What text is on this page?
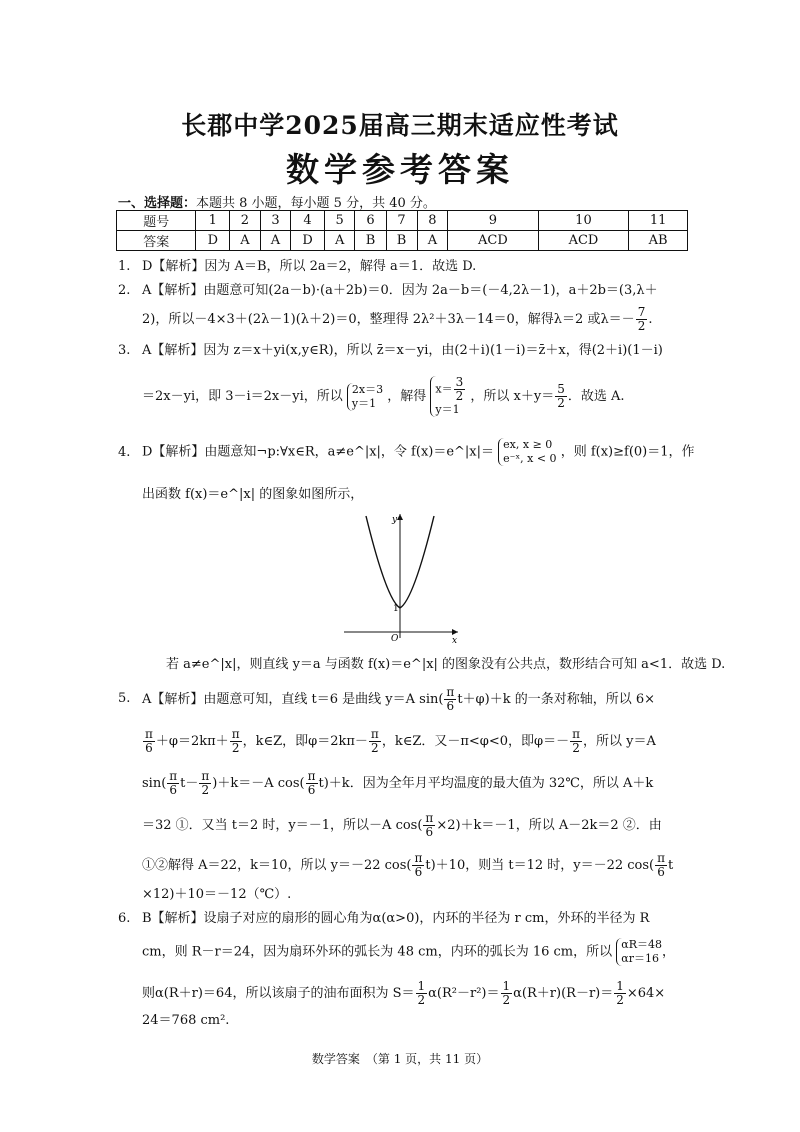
长郡中学2025届高三期末适应性考试
数学参考答案
一、选择题：本题共 8 小题，每小题 5 分，共 40 分。
题号	1	2	3	4	5	6	7	8	9	10	11
答案	D	A	A	D	A	B	B	A	ACD	ACD	AB
1. D【解析】因为 A＝B，所以 2a＝2，解得 a＝1．故选 D.
2. A【解析】由题意可知(2a－b)·(a＋2b)＝0．因为 2a－b＝(－4,2λ－1)，a＋2b＝(3,λ＋
2)，所以－4×3＋(2λ－1)(λ＋2)＝0，整理得 2λ²＋3λ－14＝0，解得λ＝2 或$\lambda=- \frac{7}{2}$ .
3. A【解析】因为 z＝x＋yi(x,y∈R)，所以 z̄＝x－yi，由(2＋i)(1－i)＝z̄＋x，得(2＋i)(1－i)
＝2x－yi，即 3－i＝2x－yi，所以 2x＝3
y＝1 ，解得 $x= \frac{3}{2}$

y＝1 ，所以 $x+y= \frac{5}{2}$ ．故选 A.
4. D【解析】由题意知¬p:∀x∈R，a≠e^|x|，令 f(x)＝e^|x|＝ ex, x ≥ 0
e⁻ˣ, x < 0 ，则 f(x)≥f(0)＝1，作
出函数 f(x)＝e^|x| 的图象如图所示，
y
x
O
1
若 a≠e^|x|，则直线 y＝a 与函数 f(x)＝e^|x| 的图象没有公共点，数形结合可知 a<1．故选 D.
5. A【解析】由题意可知，直线 t＝6 是曲线 y＝A $\sin( \frac{\pi}{6} t+\varphi)+k$ 的一条对称轴，所以 6×
$\frac{\pi}{6} +\varphi=2k\pi+ \frac{\pi}{2}$ ，k∈Z，即$\varphi=2k\pi- \frac{\pi}{2}$ ，k∈Z．又－π<φ<0，即$\varphi=- \frac{\pi}{2}$ ，所以 y＝A
$\sin( \frac{\pi}{6} t- \frac{\pi}{2} )+k=-A$ $\cos( \frac{\pi}{6} t)+k$．因为全年月平均温度的最大值为 32℃，所以 A＋k
＝32 ①．又当 t＝2 时，y＝－1，所以－A $\cos( \frac{\pi}{6} \times 2)+k=-1$，所以 A－2k＝2 ②．由
①②解得 A＝22，k＝10，所以 y＝－22 $\cos( \frac{\pi}{6} t)+10$，则当 t＝12 时，y＝－22 $\cos( \frac{\pi}{6}$ t
×12)＋10＝－12（℃）.
6. B【解析】设扇子对应的扇形的圆心角为α(α>0)，内环的半径为 r cm，外环的半径为 R
cm，则 R－r＝24，因为扇环外环的弧长为 48 cm，内环的弧长为 16 cm，所以 αR＝48
αr＝16 ，
则α(R＋r)＝64，所以该扇子的油布面积为 $S= \frac{1}{2} \alpha(R^2-r^2)= \frac{1}{2} \alpha(R+r)(R-r)= \frac{1}{2} \times 64\times$
24＝768 cm².
数学答案　（第 1 页，共 11 页）
